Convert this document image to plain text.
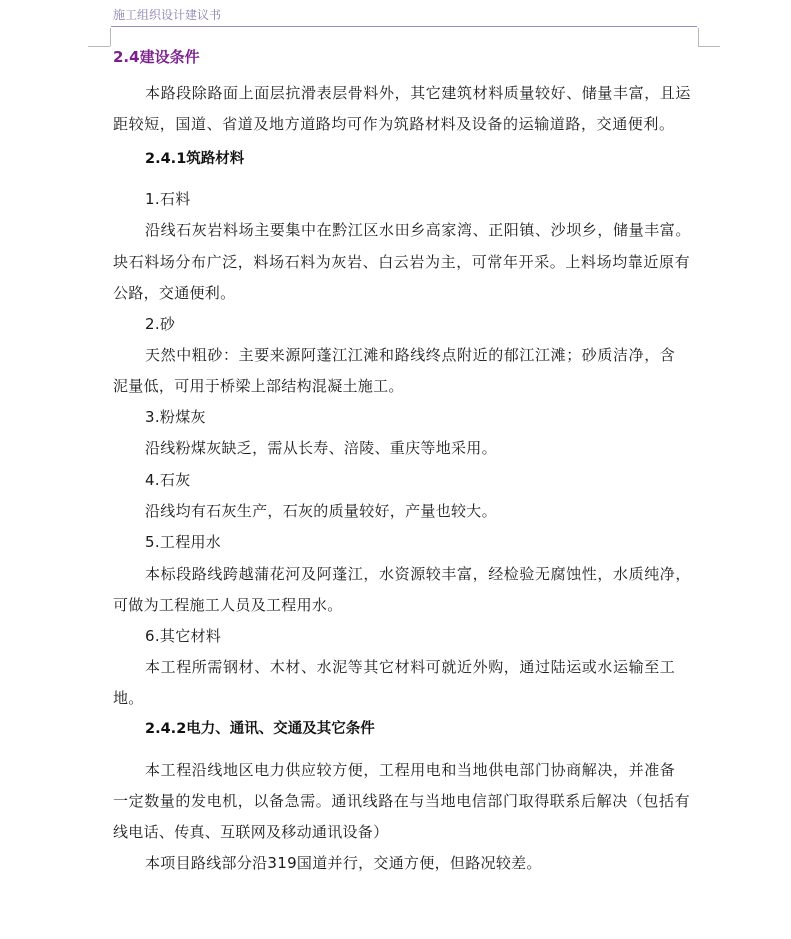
施工组织设计建议书
2.4建设条件
本路段除路面上面层抗滑表层骨料外，其它建筑材料质量较好、储量丰富，且运
距较短，国道、省道及地方道路均可作为筑路材料及设备的运输道路，交通便利。
2.4.1筑路材料
1.石料
沿线石灰岩料场主要集中在黔江区水田乡高家湾、正阳镇、沙坝乡，储量丰富。
块石料场分布广泛，料场石料为灰岩、白云岩为主，可常年开采。上料场均靠近原有
公路，交通便利。
2.砂
天然中粗砂：主要来源阿蓬江江滩和路线终点附近的郁江江滩；砂质洁净，含
泥量低，可用于桥梁上部结构混凝土施工。
3.粉煤灰
沿线粉煤灰缺乏，需从长寿、涪陵、重庆等地采用。
4.石灰
沿线均有石灰生产，石灰的质量较好，产量也较大。
5.工程用水
本标段路线跨越蒲花河及阿蓬江，水资源较丰富，经检验无腐蚀性，水质纯净，
可做为工程施工人员及工程用水。
6.其它材料
本工程所需钢材、木材、水泥等其它材料可就近外购，通过陆运或水运输至工
地。
2.4.2电力、通讯、交通及其它条件
本工程沿线地区电力供应较方便，工程用电和当地供电部门协商解决，并准备
一定数量的发电机，以备急需。通讯线路在与当地电信部门取得联系后解决（包括有
线电话、传真、互联网及移动通讯设备）
本项目路线部分沿319国道并行，交通方便，但路况较差。
